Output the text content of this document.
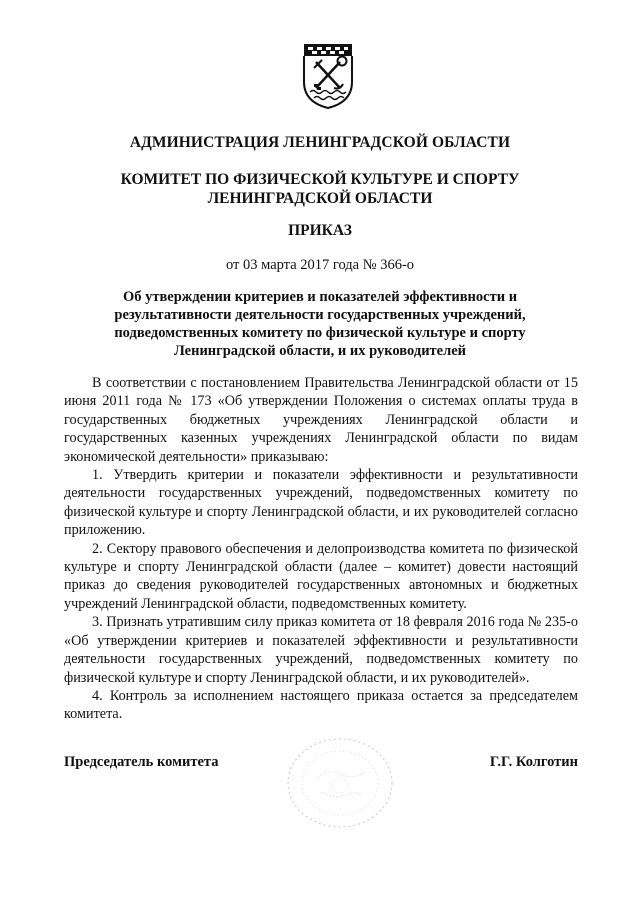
АДМИНИСТРАЦИЯ ЛЕНИНГРАДСКОЙ ОБЛАСТИ
КОМИТЕТ ПО ФИЗИЧЕСКОЙ КУЛЬТУРЕ И СПОРТУ
ЛЕНИНГРАДСКОЙ ОБЛАСТИ
ПРИКАЗ
от 03 марта 2017 года № 366-о
Об утверждении критериев и показателей эффективности и
результативности деятельности государственных учреждений,
подведомственных комитету по физической культуре и спорту
Ленинградской области, и их руководителей

В соответствии с постановлением Правительства Ленинградской области от 15 июня 2011 года № 173 «Об утверждении Положения о системах оплаты труда в государственных бюджетных учреждениях Ленинградской области и государственных казенных учреждениях Ленинградской области по видам экономической деятельности» приказываю:

1. Утвердить критерии и показатели эффективности и результативности деятельности государственных учреждений, подведомственных комитету по физической культуре и спорту Ленинградской области, и их руководителей согласно приложению.

2. Сектору правового обеспечения и делопроизводства комитета по физической культуре и спорту Ленинградской области (далее – комитет) довести настоящий приказ до сведения руководителей государственных автономных и бюджетных учреждений Ленинградской области, подведомственных комитету.

3. Признать утратившим силу приказ комитета от 18 февраля 2016 года № 235-о «Об утверждении критериев и показателей эффективности и результативности деятельности государственных учреждений, подведомственных комитету по физической культуре и спорту Ленинградской области, и их руководителей».

4. Контроль за исполнением настоящего приказа остается за председателем комитета.

Председатель комитета	Г.Г. Колготин
